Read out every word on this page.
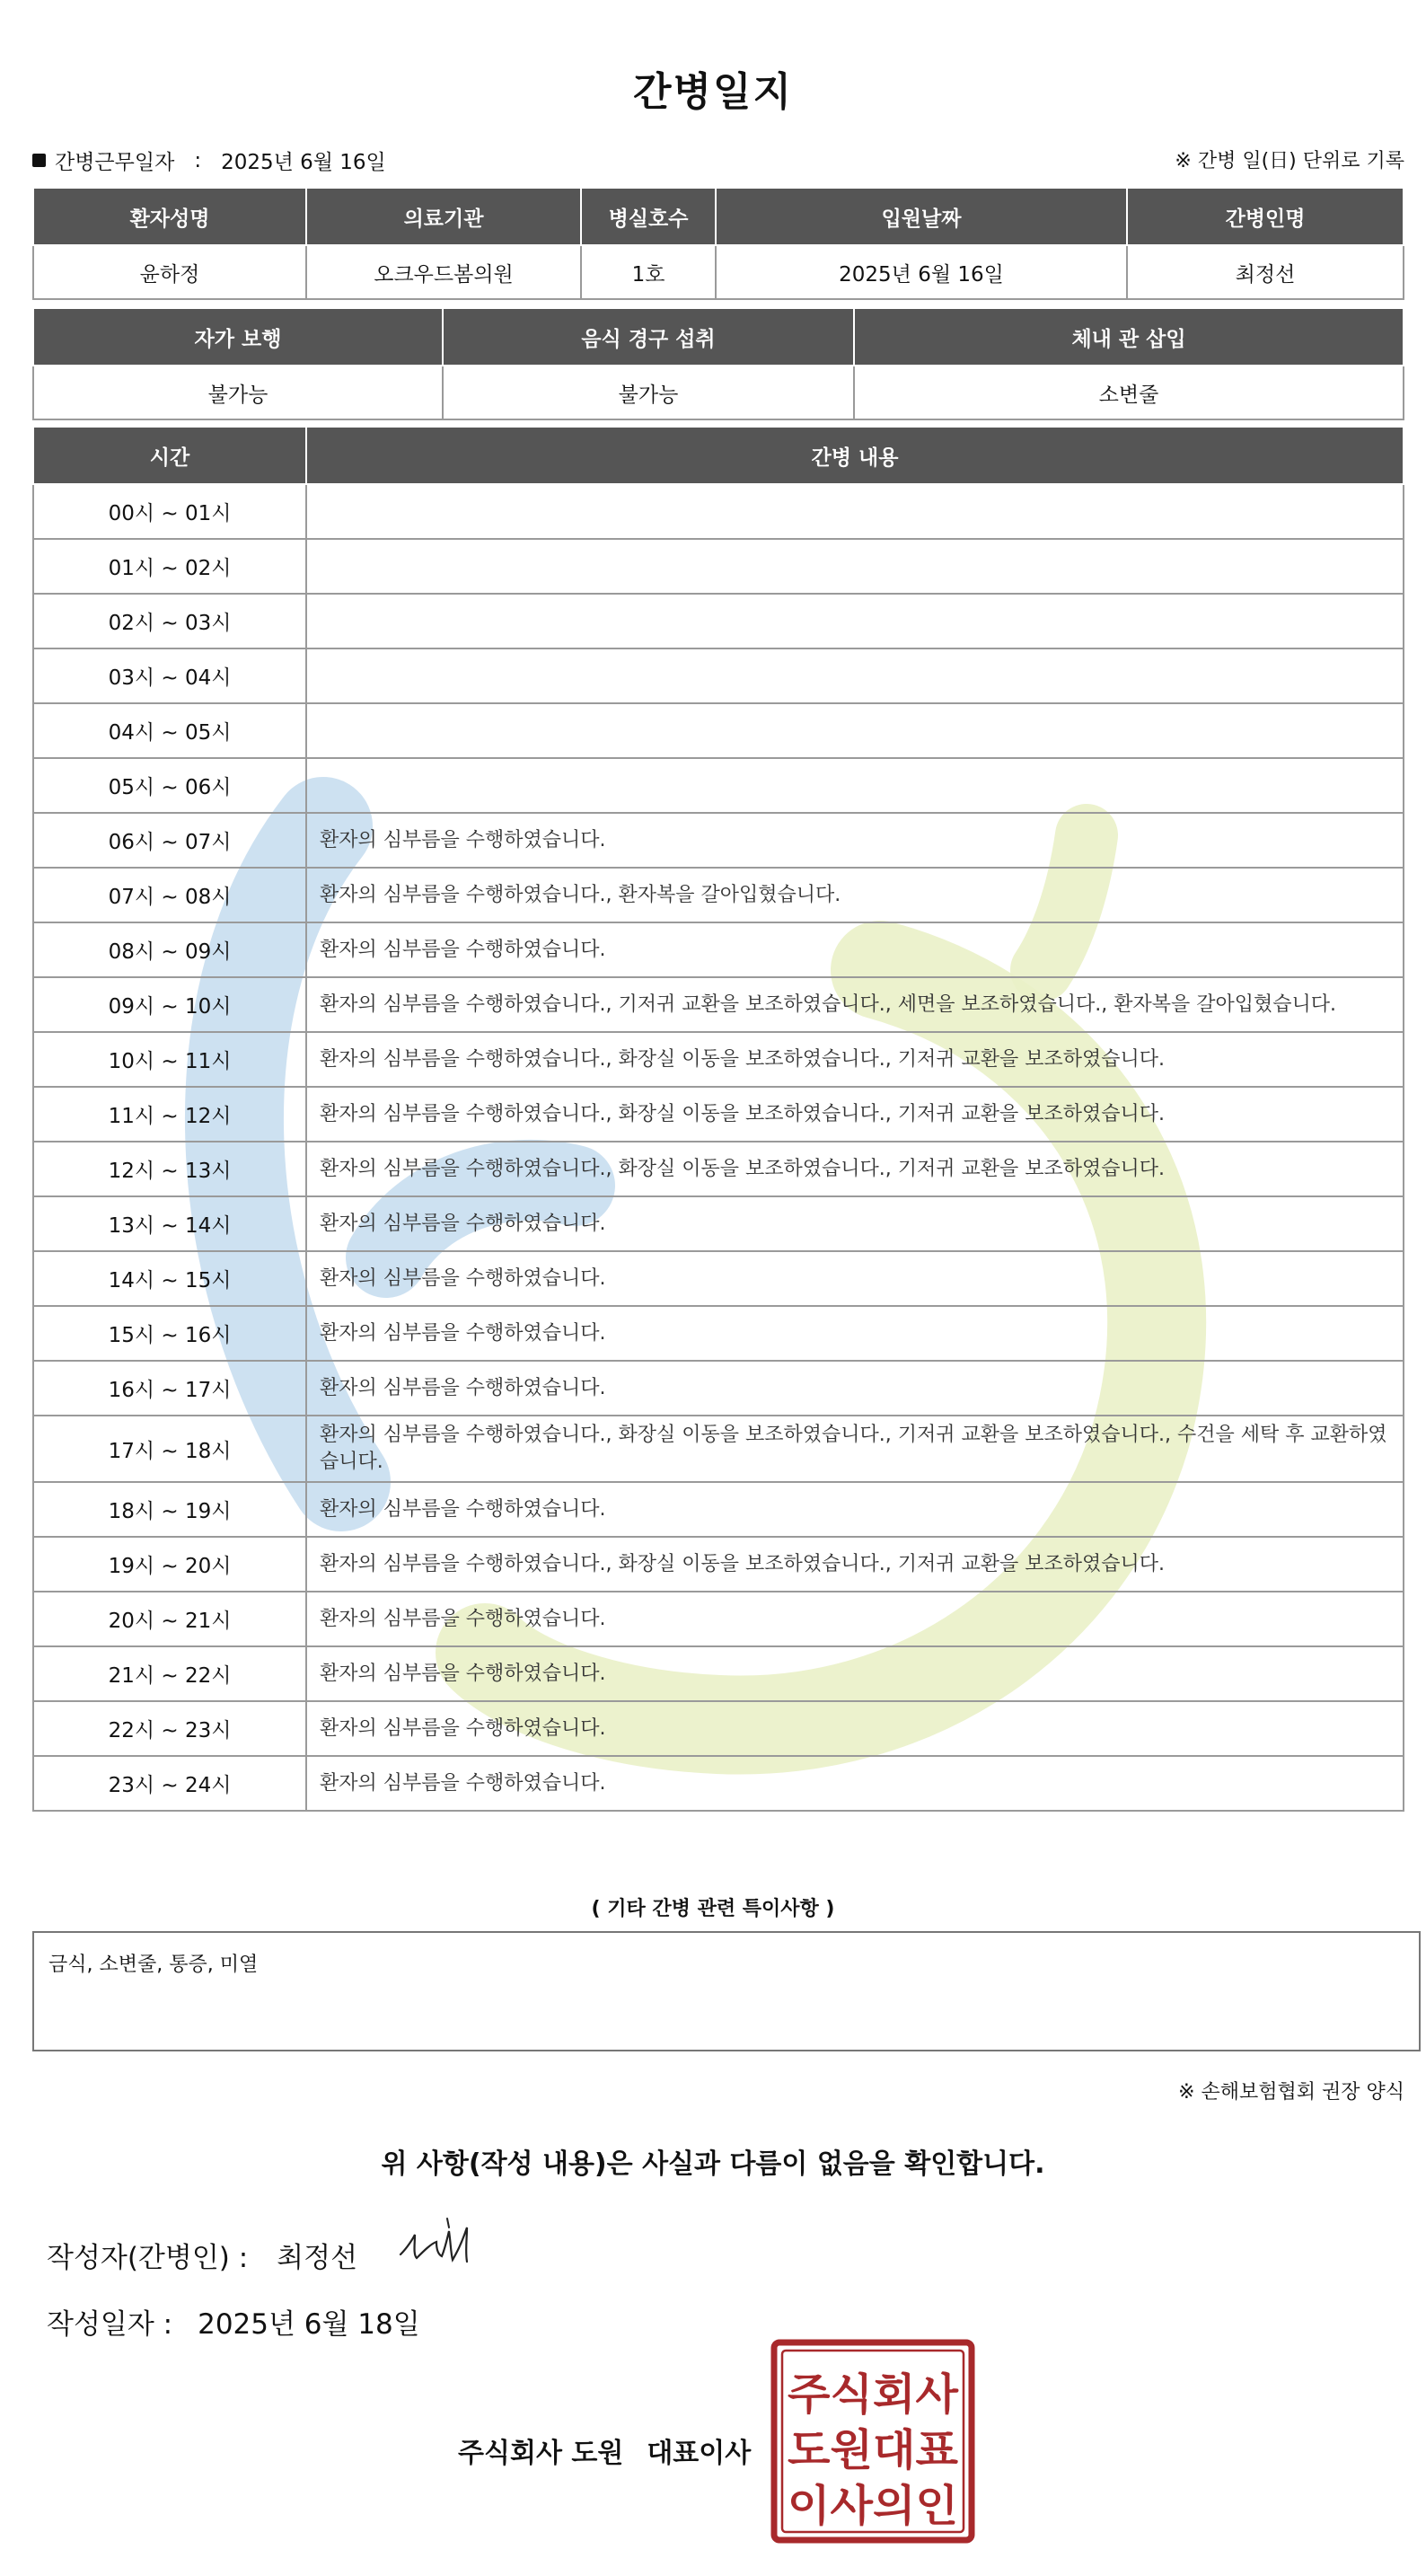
간병일지
간병근무일자 : 2025년 6월 16일	※ 간병 일(日) 단위로 기록
환자성명	의료기관	병실호수	입원날짜	간병인명
윤하정	오크우드봄의원	1호	2025년 6월 16일	최정선
자가 보행	음식 경구 섭취	체내 관 삽입
불가능	불가능	소변줄
시간	간병 내용
00시 ~ 01시	
01시 ~ 02시	
02시 ~ 03시	
03시 ~ 04시	
04시 ~ 05시	
05시 ~ 06시	
06시 ~ 07시	환자의 심부름을 수행하였습니다.
07시 ~ 08시	환자의 심부름을 수행하였습니다., 환자복을 갈아입혔습니다.
08시 ~ 09시	환자의 심부름을 수행하였습니다.
09시 ~ 10시	환자의 심부름을 수행하였습니다., 기저귀 교환을 보조하였습니다., 세면을 보조하였습니다., 환자복을 갈아입혔습니다.
10시 ~ 11시	환자의 심부름을 수행하였습니다., 화장실 이동을 보조하였습니다., 기저귀 교환을 보조하였습니다.
11시 ~ 12시	환자의 심부름을 수행하였습니다., 화장실 이동을 보조하였습니다., 기저귀 교환을 보조하였습니다.
12시 ~ 13시	환자의 심부름을 수행하였습니다., 화장실 이동을 보조하였습니다., 기저귀 교환을 보조하였습니다.
13시 ~ 14시	환자의 심부름을 수행하였습니다.
14시 ~ 15시	환자의 심부름을 수행하였습니다.
15시 ~ 16시	환자의 심부름을 수행하였습니다.
16시 ~ 17시	환자의 심부름을 수행하였습니다.
17시 ~ 18시	환자의 심부름을 수행하였습니다., 화장실 이동을 보조하였습니다., 기저귀 교환을 보조하였습니다., 수건을 세탁 후 교환하였습니다.
18시 ~ 19시	환자의 심부름을 수행하였습니다.
19시 ~ 20시	환자의 심부름을 수행하였습니다., 화장실 이동을 보조하였습니다., 기저귀 교환을 보조하였습니다.
20시 ~ 21시	환자의 심부름을 수행하였습니다.
21시 ~ 22시	환자의 심부름을 수행하였습니다.
22시 ~ 23시	환자의 심부름을 수행하였습니다.
23시 ~ 24시	환자의 심부름을 수행하였습니다.
( 기타 간병 관련 특이사항 )
금식, 소변줄, 통증, 미열
※ 손해보험협회 권장 양식
위 사항(작성 내용)은 사실과 다름이 없음을 확인합니다.
작성자(간병인) : 최정선
작성일자 : 2025년 6월 18일
주식회사 도원 대표이사
주식회사
도원대표
이사의인
